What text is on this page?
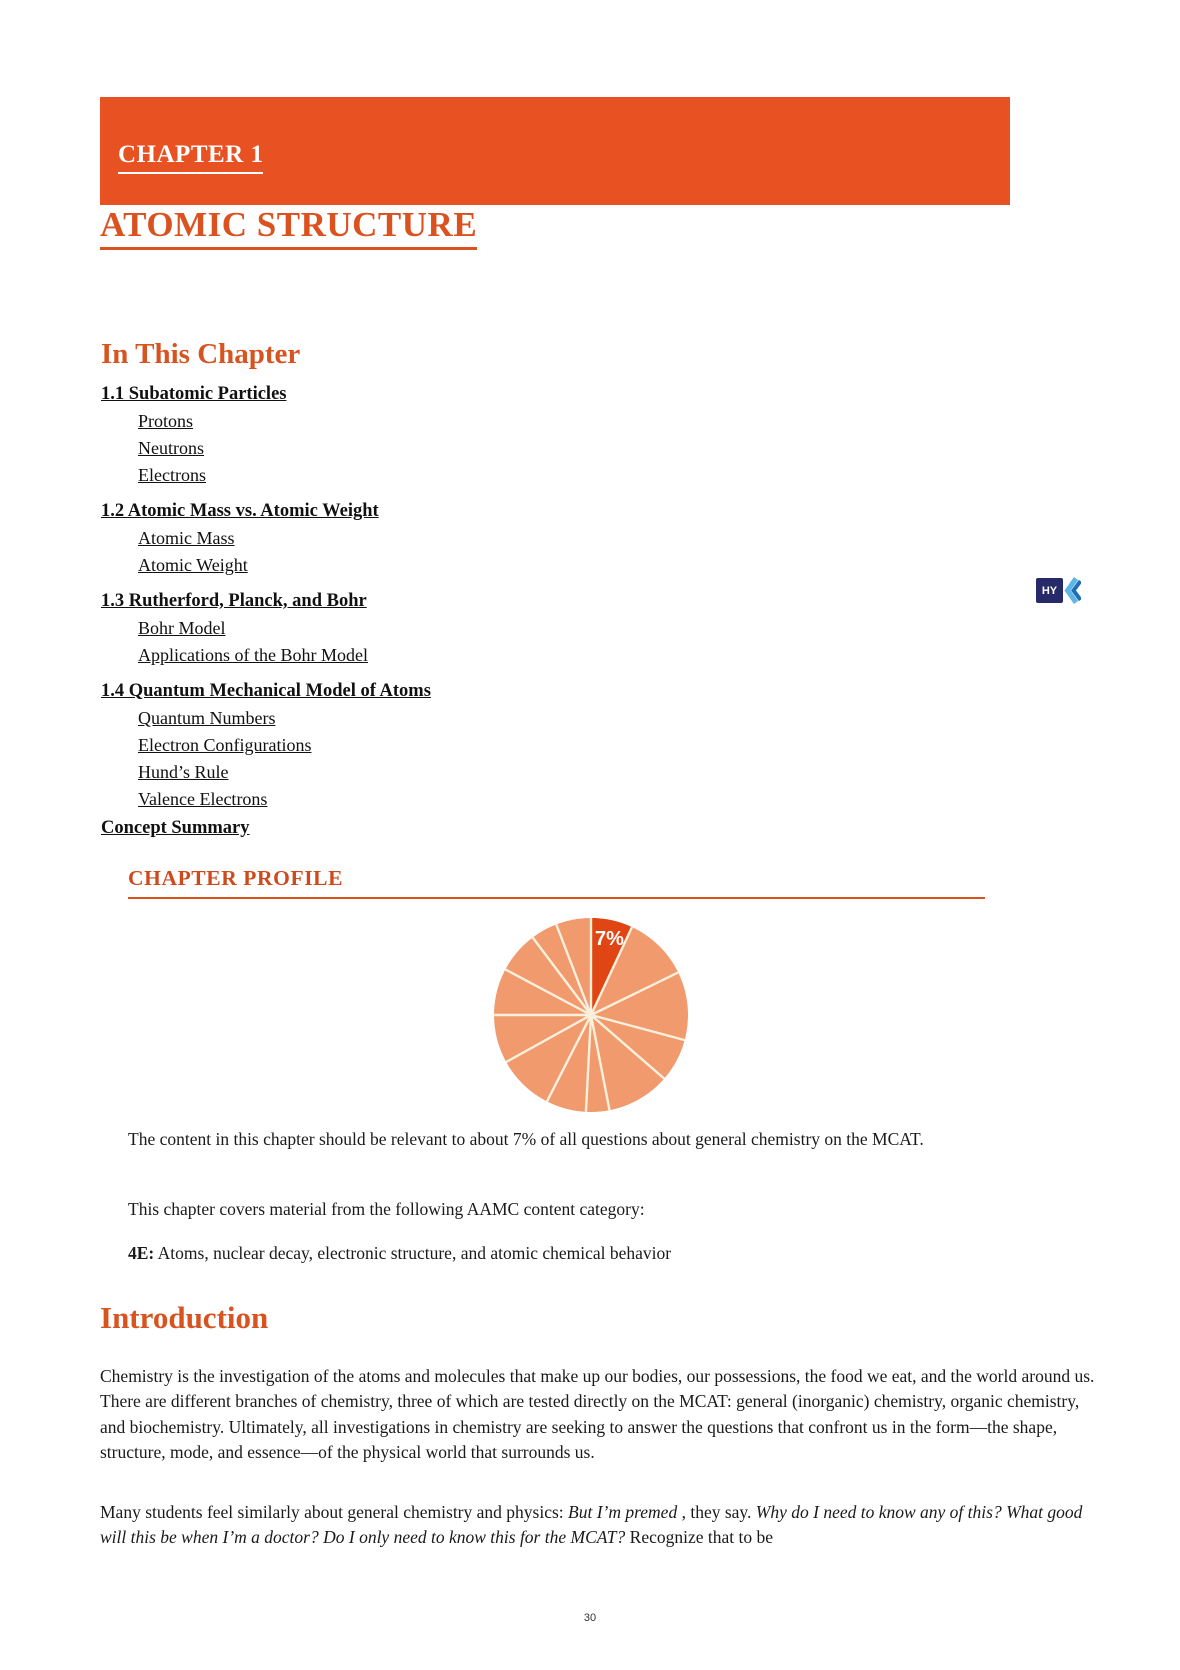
CHAPTER 1
ATOMIC STRUCTURE
In This Chapter
1.1 Subatomic Particles
Protons
Neutrons
Electrons
1.2 Atomic Mass vs. Atomic Weight
Atomic Mass
Atomic Weight
1.3 Rutherford, Planck, and Bohr
Bohr Model
Applications of the Bohr Model
1.4 Quantum Mechanical Model of Atoms
Quantum Numbers
Electron Configurations
Hund’s Rule
Valence Electrons
Concept Summary
HY
CHAPTER PROFILE
7%
The content in this chapter should be relevant to about 7% of all questions about general chemistry on the MCAT.
This chapter covers material from the following AAMC content category:
4E: Atoms, nuclear decay, electronic structure, and atomic chemical behavior
Introduction
Chemistry is the investigation of the atoms and molecules that make up our bodies, our possessions, the food we eat, and the world around us. There are different branches of chemistry, three of which are tested directly on the MCAT: general (inorganic) chemistry, organic chemistry, and biochemistry. Ultimately, all investigations in chemistry are seeking to answer the questions that confront us in the form—the shape, structure, mode, and essence—of the physical world that surrounds us.
Many students feel similarly about general chemistry and physics: But I’m premed , they say. Why do I need to know any of this? What good will this be when I’m a doctor? Do I only need to know this for the MCAT? Recognize that to be
30
